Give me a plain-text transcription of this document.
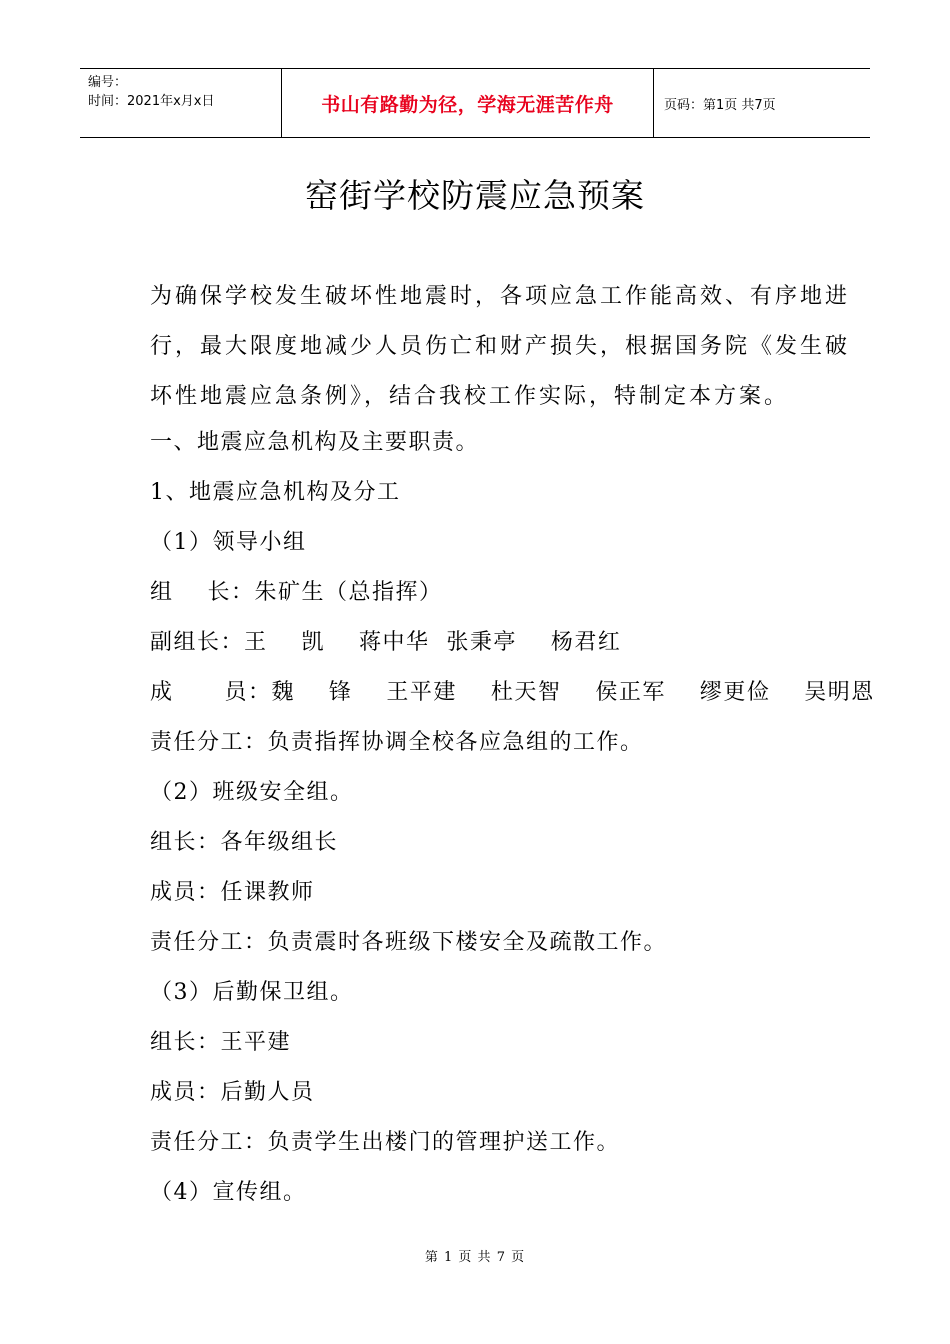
编号：
时间：2021年x月x日	书山有路勤为径，学海无涯苦作舟	页码：第1页 共7页
窑街学校防震应急预案
为确保学校发生破坏性地震时，各项应急工作能高效、有序地进行，最大限度地减少人员伤亡和财产损失，根据国务院《发生破坏性地震应急条例》，结合我校工作实际，特制定本方案。
一、地震应急机构及主要职责。
1、地震应急机构及分工
（1）领导小组
组    长：朱矿生（总指挥）
副组长：王    凯    蒋中华  张秉亭    杨君红
成      员：魏    锋    王平建    杜天智    侯正军    缪更俭    吴明恩
责任分工：负责指挥协调全校各应急组的工作。
（2）班级安全组。
组长：各年级组长
成员：任课教师
责任分工：负责震时各班级下楼安全及疏散工作。
（3）后勤保卫组。
组长：王平建
成员：后勤人员
责任分工：负责学生出楼门的管理护送工作。
（4）宣传组。
第 1 页 共 7 页
